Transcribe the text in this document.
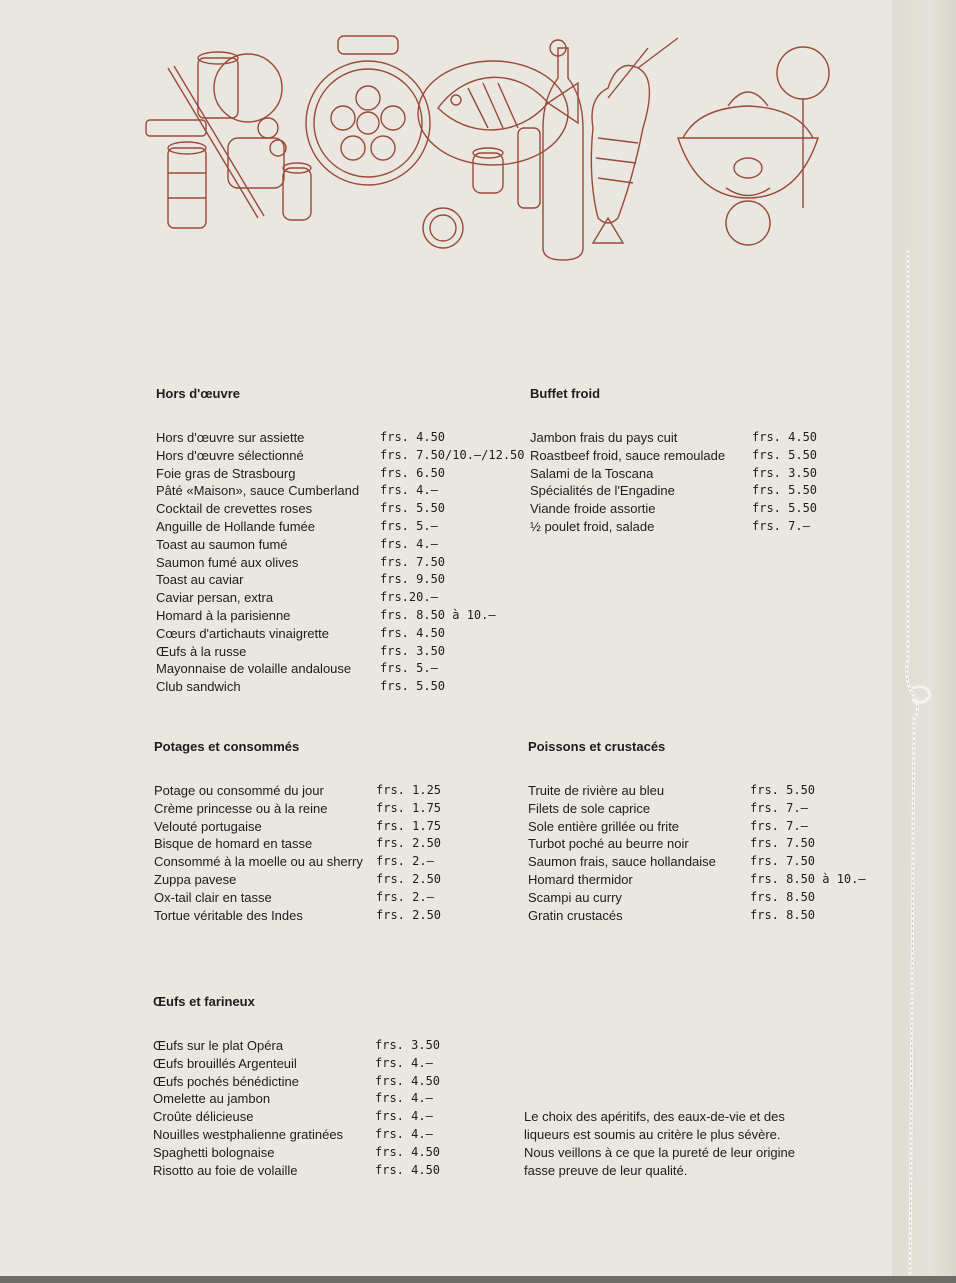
Hors d'œuvre
Hors d'œuvre sur assiette	frs. 4.50
Hors d'œuvre sélectionné	frs. 7.50/10.–/12.50
Foie gras de Strasbourg	frs. 6.50
Pâté «Maison», sauce Cumberland frs. 4.—
Cocktail de crevettes roses	frs. 5.50
Anguille de Hollande fumée	frs. 5.—
Toast au saumon fumé	frs. 4.—
Saumon fumé aux olives	frs. 7.50
Toast au caviar	frs. 9.50
Caviar persan, extra	frs.20.—
Homard à la parisienne	frs. 8.50 à 10.—
Cœurs d'artichauts vinaigrette	frs. 4.50
Œufs à la russe	frs. 3.50
Mayonnaise de volaille andalouse frs. 5.—
Club sandwich	frs. 5.50
Buffet froid
Jambon frais du pays cuit	frs. 4.50
Roastbeef froid, sauce remoulade frs. 5.50
Salami de la Toscana	frs. 3.50
Spécialités de l'Engadine	frs. 5.50
Viande froide assortie	frs. 5.50
½ poulet froid, salade	frs. 7.—
Potages et consommés
Potage ou consommé du jour	frs. 1.25
Crème princesse ou à la reine	frs. 1.75
Velouté portugaise	frs. 1.75
Bisque de homard en tasse	frs. 2.50
Consommé à la moelle ou au sherry frs. 2.—
Zuppa pavese	frs. 2.50
Ox-tail clair en tasse	frs. 2.—
Tortue véritable des Indes	frs. 2.50
Poissons et crustacés
Truite de rivière au bleu	frs. 5.50
Filets de sole caprice	frs. 7.—
Sole entière grillée ou frite	frs. 7.—
Turbot poché au beurre noir	frs. 7.50
Saumon frais, sauce hollandaise	frs. 7.50
Homard thermidor	frs. 8.50 à 10.—
Scampi au curry	frs. 8.50
Gratin crustacés	frs. 8.50
Œufs et farineux
Œufs sur le plat Opéra	frs. 3.50
Œufs brouillés Argenteuil	frs. 4.—
Œufs pochés bénédictine	frs. 4.50
Omelette au jambon	frs. 4.—
Croûte délicieuse	frs. 4.—
Nouilles westphalienne gratinées	frs. 4.—
Spaghetti bolognaise	frs. 4.50
Risotto au foie de volaille	frs. 4.50
Le choix des apéritifs, des eaux-de-vie et des
liqueurs est soumis au critère le plus sévère.
Nous veillons à ce que la pureté de leur origine
fasse preuve de leur qualité.
